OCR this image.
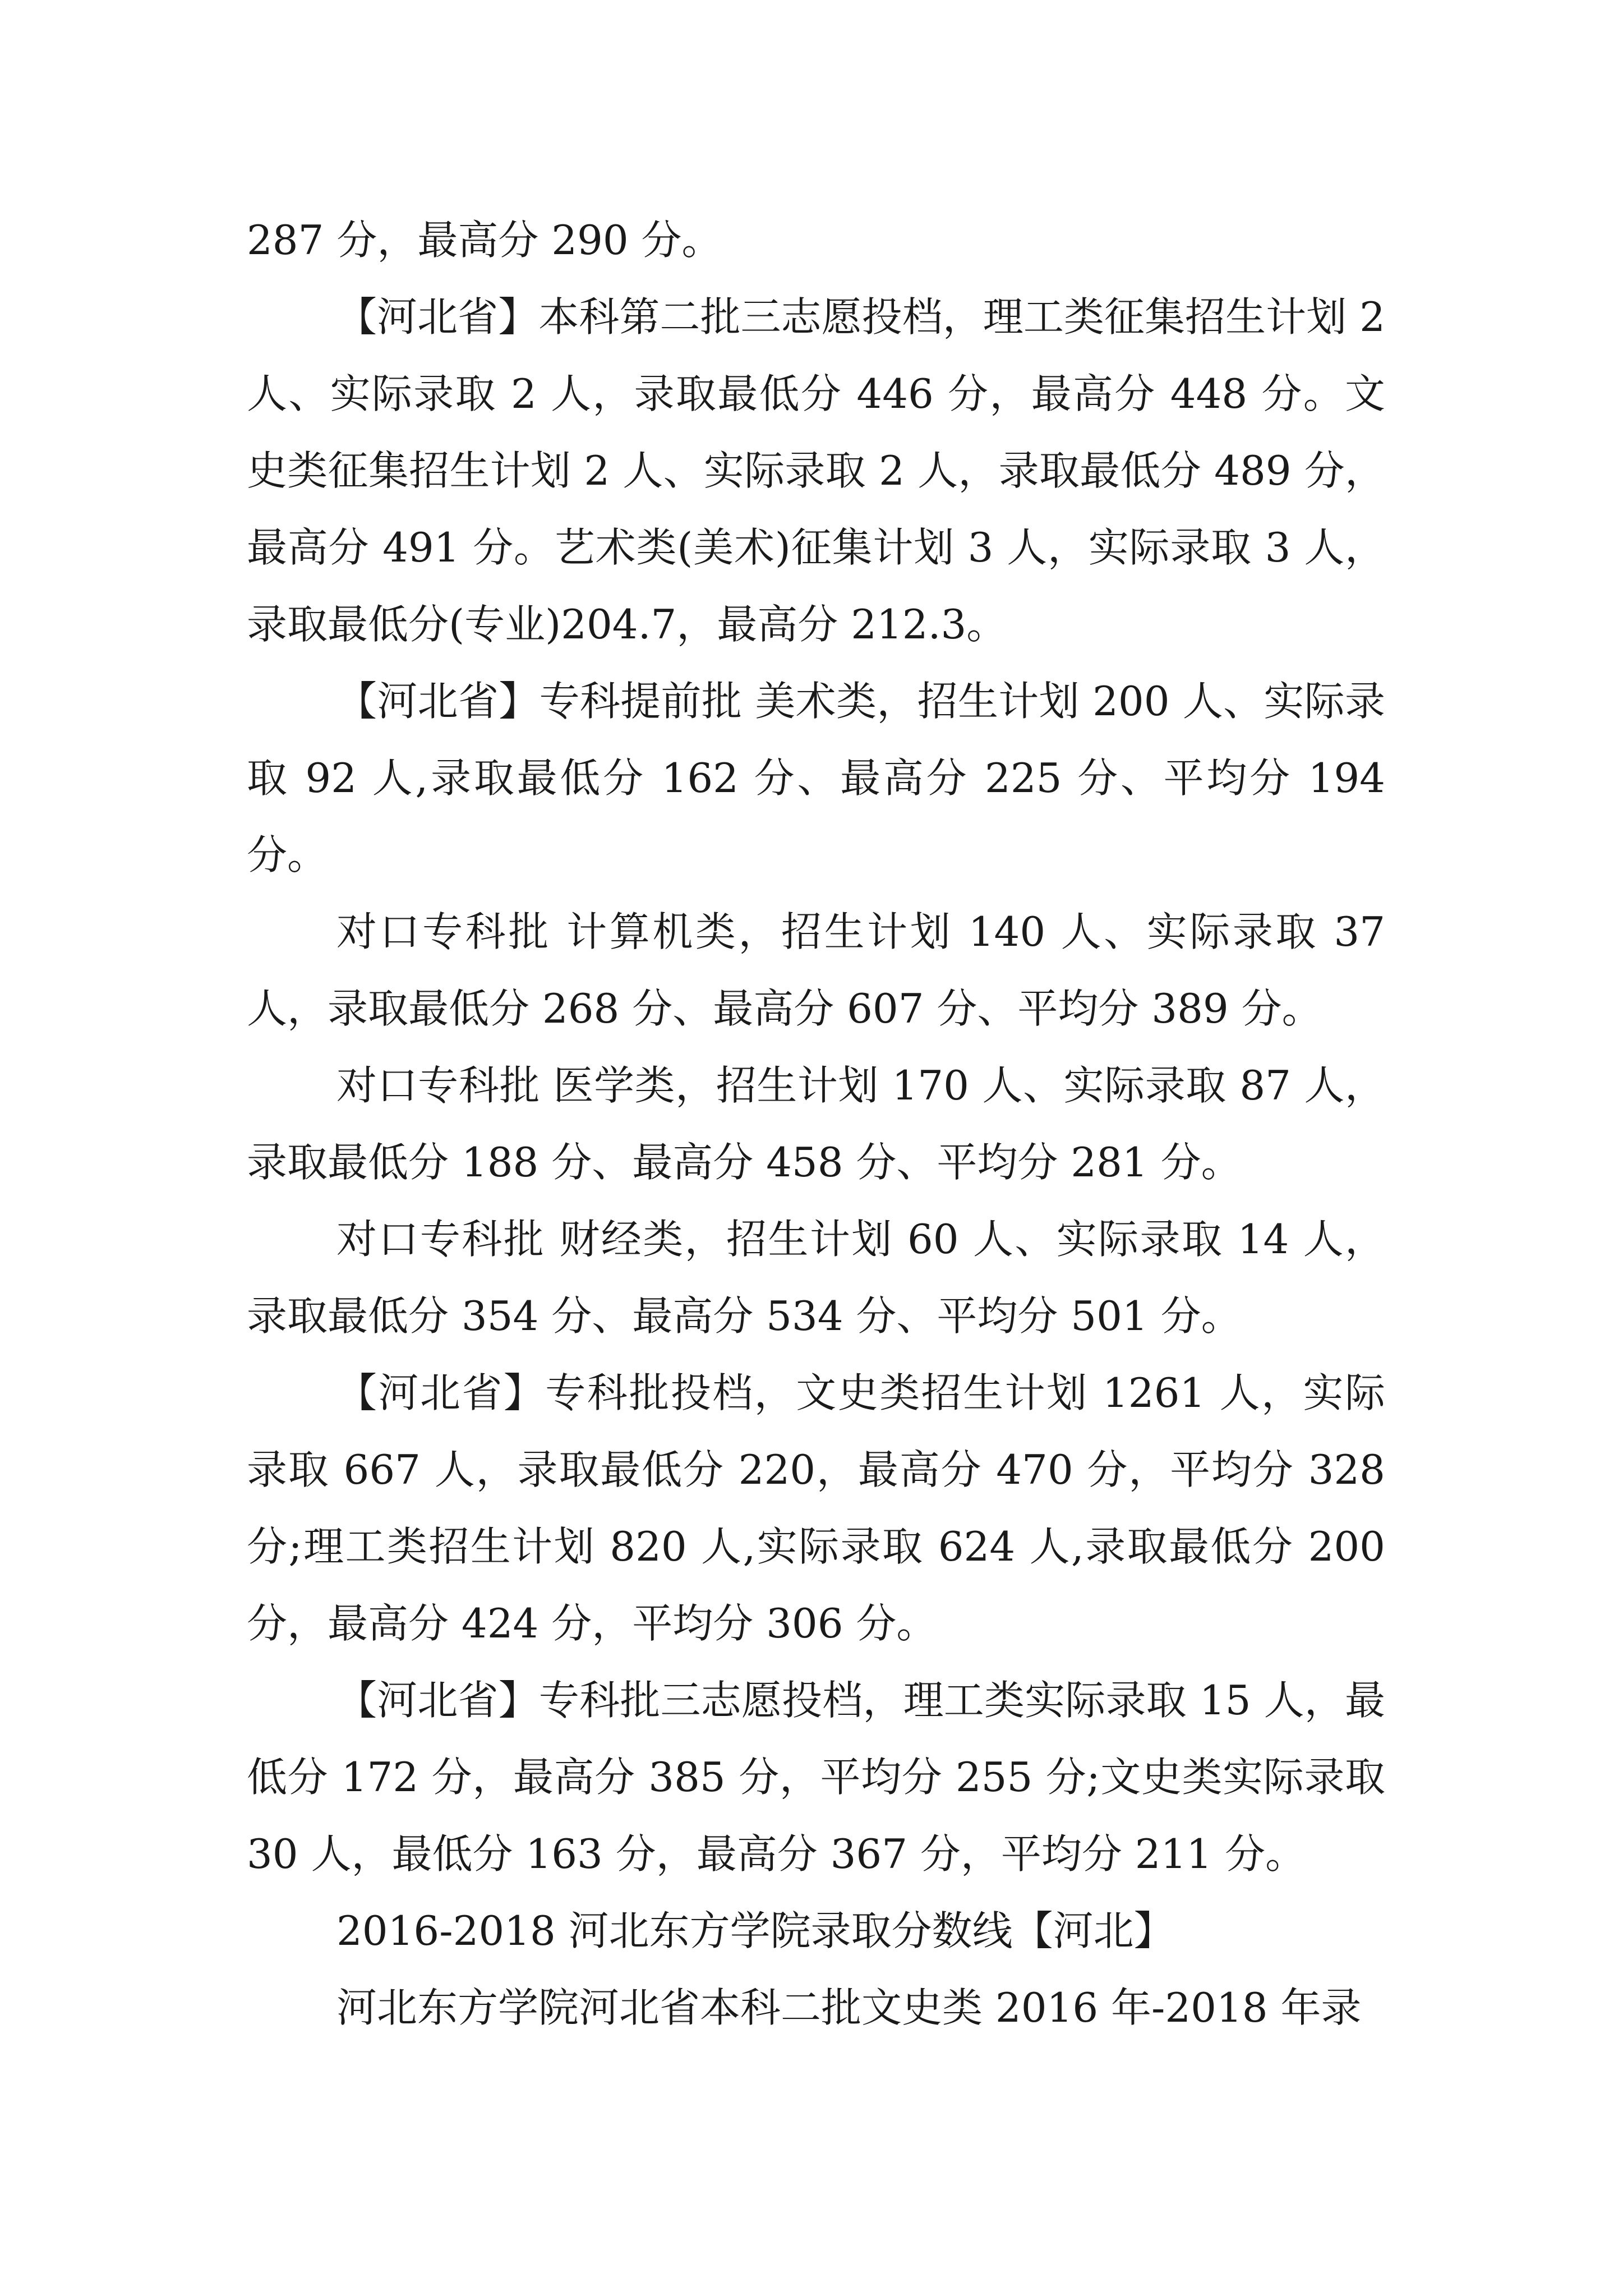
287 分，最高分 290 分。

【河北省】本科第二批三志愿投档，理工类征集招生计划 2 人、实际录取 2 人，录取最低分 446 分，最高分 448 分。文史类征集招生计划 2 人、实际录取 2 人，录取最低分 489 分，最高分 491 分。艺术类(美术)征集计划 3 人，实际录取 3 人，录取最低分(专业)204.7，最高分 212.3。

【河北省】专科提前批 美术类，招生计划 200 人、实际录取 92 人,录取最低分 162 分、最高分 225 分、平均分 194 分。

对口专科批 计算机类，招生计划 140 人、实际录取 37 人，录取最低分 268 分、最高分 607 分、平均分 389 分。

对口专科批 医学类，招生计划 170 人、实际录取 87 人，录取最低分 188 分、最高分 458 分、平均分 281 分。

对口专科批 财经类，招生计划 60 人、实际录取 14 人，录取最低分 354 分、最高分 534 分、平均分 501 分。

【河北省】专科批投档，文史类招生计划 1261 人，实际录取 667 人，录取最低分 220，最高分 470 分，平均分 328 分;理工类招生计划 820 人,实际录取 624 人,录取最低分 200 分，最高分 424 分，平均分 306 分。

【河北省】专科批三志愿投档，理工类实际录取 15 人，最低分 172 分，最高分 385 分，平均分 255 分;文史类实际录取 30 人，最低分 163 分，最高分 367 分，平均分 211 分。

2016-2018 河北东方学院录取分数线【河北】

河北东方学院河北省本科二批文史类 2016 年-2018 年录
